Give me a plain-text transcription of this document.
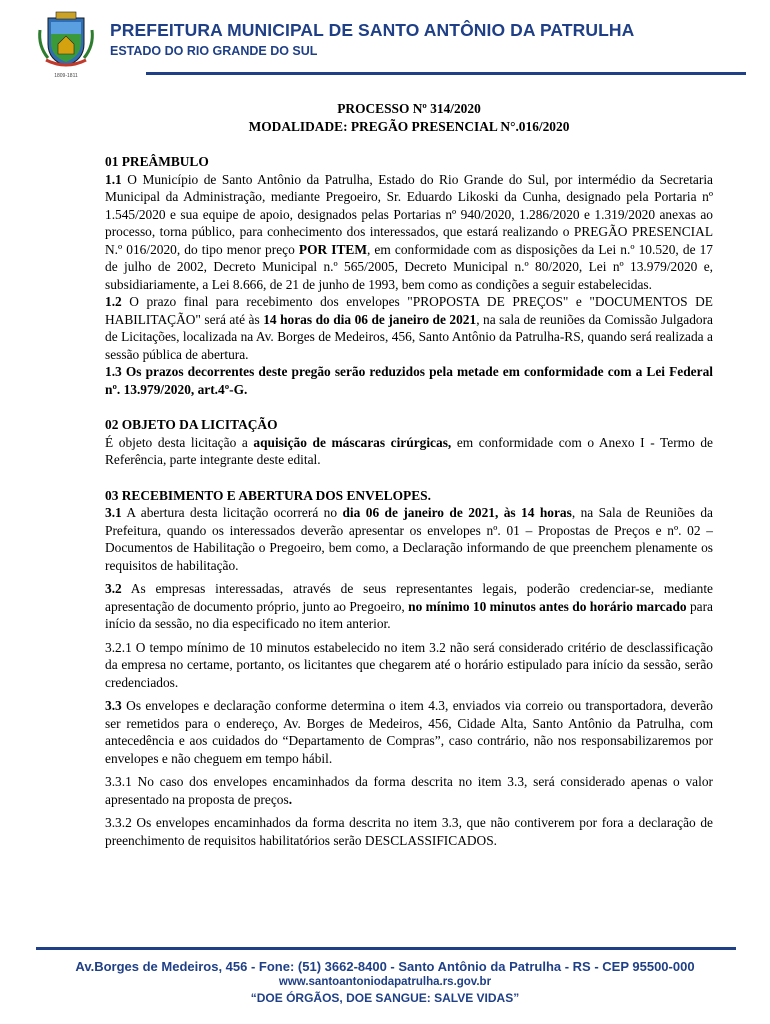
1809-1811
PREFEITURA MUNICIPAL DE SANTO ANTÔNIO DA PATRULHA
ESTADO DO RIO GRANDE DO SUL

PROCESSO Nº 314/2020

MODALIDADE: PREGÃO PRESENCIAL N°.016/2020

01 PREÂMBULO

1.1 O Município de Santo Antônio da Patrulha, Estado do Rio Grande do Sul, por intermédio da Secretaria Municipal da Administração, mediante Pregoeiro, Sr. Eduardo Likoski da Cunha, designado pela Portaria nº 1.545/2020 e sua equipe de apoio, designados pelas Portarias nº 940/2020, 1.286/2020 e 1.319/2020 anexas ao processo, torna público, para conhecimento dos interessados, que estará realizando o PREGÃO PRESENCIAL N.º 016/2020, do tipo menor preço POR ITEM, em conformidade com as disposições da Lei n.º 10.520, de 17 de julho de 2002, Decreto Municipal n.º 565/2005, Decreto Municipal n.º 80/2020, Lei nº 13.979/2020 e, subsidiariamente, a Lei 8.666, de 21 de junho de 1993, bem como as condições a seguir estabelecidas.

1.2 O prazo final para recebimento dos envelopes "PROPOSTA DE PREÇOS" e "DOCUMENTOS DE HABILITAÇÃO" será até às 14 horas do dia 06 de janeiro de 2021, na sala de reuniões da Comissão Julgadora de Licitações, localizada na Av. Borges de Medeiros, 456, Santo Antônio da Patrulha-RS, quando será realizada a sessão pública de abertura.

1.3 Os prazos decorrentes deste pregão serão reduzidos pela metade em conformidade com a Lei Federal nº. 13.979/2020, art.4º-G.

02 OBJETO DA LICITAÇÃO

É objeto desta licitação a aquisição de máscaras cirúrgicas, em conformidade com o Anexo I - Termo de Referência, parte integrante deste edital.

03 RECEBIMENTO E ABERTURA DOS ENVELOPES.

3.1 A abertura desta licitação ocorrerá no dia 06 de janeiro de 2021, às 14 horas, na Sala de Reuniões da Prefeitura, quando os interessados deverão apresentar os envelopes nº. 01 – Propostas de Preços e nº. 02 – Documentos de Habilitação o Pregoeiro, bem como, a Declaração informando de que preenchem plenamente os requisitos de habilitação.

3.2 As empresas interessadas, através de seus representantes legais, poderão credenciar-se, mediante apresentação de documento próprio, junto ao Pregoeiro, no mínimo 10 minutos antes do horário marcado para início da sessão, no dia especificado no item anterior.

3.2.1 O tempo mínimo de 10 minutos estabelecido no item 3.2 não será considerado critério de desclassificação da empresa no certame, portanto, os licitantes que chegarem até o horário estipulado para início da sessão, serão credenciados.

3.3 Os envelopes e declaração conforme determina o item 4.3, enviados via correio ou transportadora, deverão ser remetidos para o endereço, Av. Borges de Medeiros, 456, Cidade Alta, Santo Antônio da Patrulha, com antecedência e aos cuidados do “Departamento de Compras”, caso contrário, não nos responsabilizaremos por envelopes e não cheguem em tempo hábil.

3.3.1 No caso dos envelopes encaminhados da forma descrita no item 3.3, será considerado apenas o valor apresentado na proposta de preços.

3.3.2 Os envelopes encaminhados da forma descrita no item 3.3, que não contiverem por fora a declaração de preenchimento de requisitos habilitatórios serão DESCLASSIFICADOS.

Av.Borges de Medeiros, 456 - Fone: (51) 3662-8400 - Santo Antônio da Patrulha - RS - CEP 95500-000
www.santoantoniodapatrulha.rs.gov.br
“DOE ÓRGÃOS, DOE SANGUE: SALVE VIDAS”
